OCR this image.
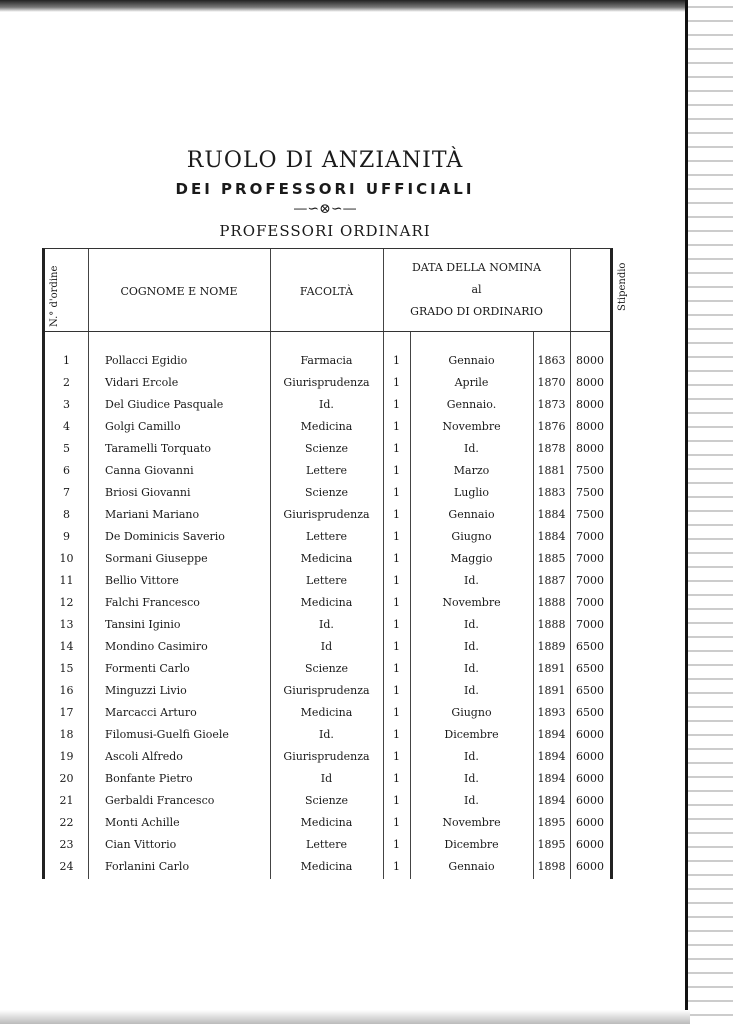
RUOLO DI ANZIANITÀ
DEI PROFESSORI UFFICIALI
—∽⊗∽—
PROFESSORI ORDINARI
N.° d'ordine	COGNOME E NOME	FACOLTÀ
DATA DELLA NOMINA
al
GRADO DI ORDINARIO
Stipendio
1	Pollacci Egidio	Farmacia	1	Gennaio	1863 8000
2	Vidari Ercole	Giurisprudenza	1	Aprile	1870 8000
3	Del Giudice Pasquale	Id.	1	Gennaio.	1873 8000
4	Golgi Camillo	Medicina	1	Novembre	1876 8000
5	Taramelli Torquato	Scienze	1	Id.	1878 8000
6	Canna Giovanni	Lettere	1	Marzo	1881 7500
7	Briosi Giovanni	Scienze	1	Luglio	1883 7500
8	Mariani Mariano	Giurisprudenza	1	Gennaio	1884 7500
9	De Dominicis Saverio	Lettere	1	Giugno	1884 7000
10	Sormani Giuseppe	Medicina	1	Maggio	1885 7000
11	Bellio Vittore	Lettere	1	Id.	1887 7000
12	Falchi Francesco	Medicina	1	Novembre	1888 7000
13	Tansini Iginio	Id.	1	Id.	1888 7000
14	Mondino Casimiro	Id	1	Id.	1889 6500
15	Formenti Carlo	Scienze	1	Id.	1891 6500
16	Minguzzi Livio	Giurisprudenza	1	Id.	1891 6500
17	Marcacci Arturo	Medicina	1	Giugno	1893 6500
18	Filomusi-Guelfi Gioele	Id.	1	Dicembre	1894 6000
19	Ascoli Alfredo	Giurisprudenza	1	Id.	1894 6000
20	Bonfante Pietro	Id	1	Id.	1894 6000
21	Gerbaldi Francesco	Scienze	1	Id.	1894 6000
22	Monti Achille	Medicina	1	Novembre	1895 6000
23	Cian Vittorio	Lettere	1	Dicembre	1895 6000
24	Forlanini Carlo	Medicina	1	Gennaio	1898 6000
